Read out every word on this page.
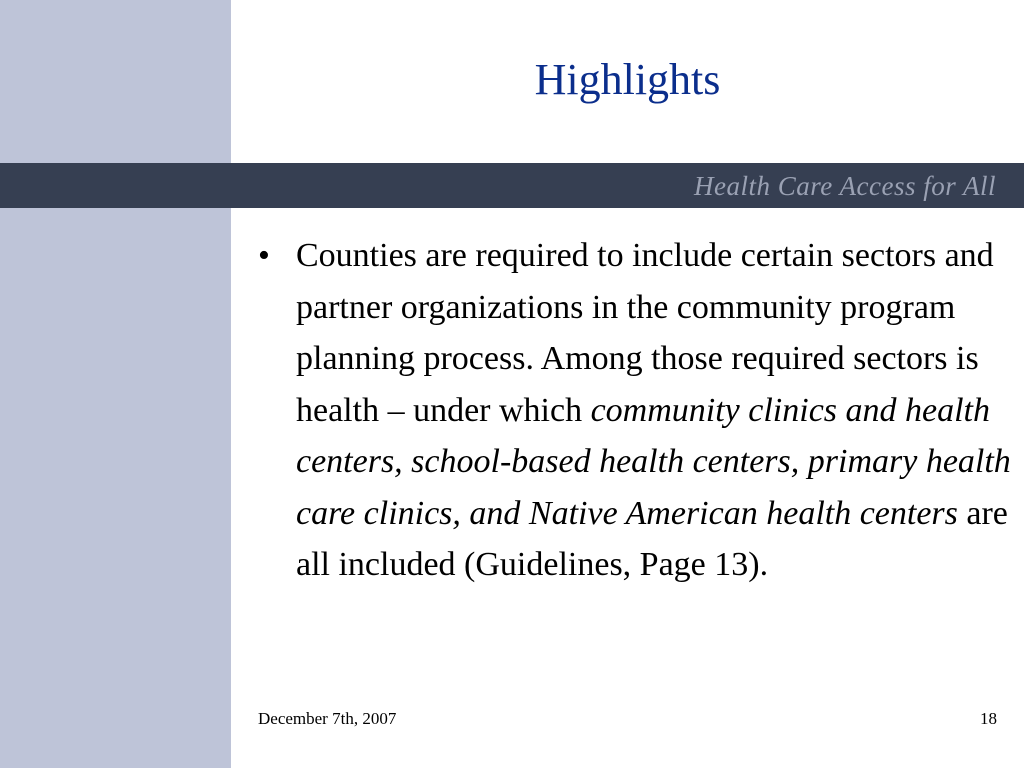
Highlights
Health Care Access for All

• Counties are required to include certain sectors and partner organizations in the community program planning process. Among those required sectors is health – under which community clinics and health centers, school-based health centers, primary health care clinics, and Native American health centers are all included (Guidelines, Page 13).

December 7th, 2007	18
